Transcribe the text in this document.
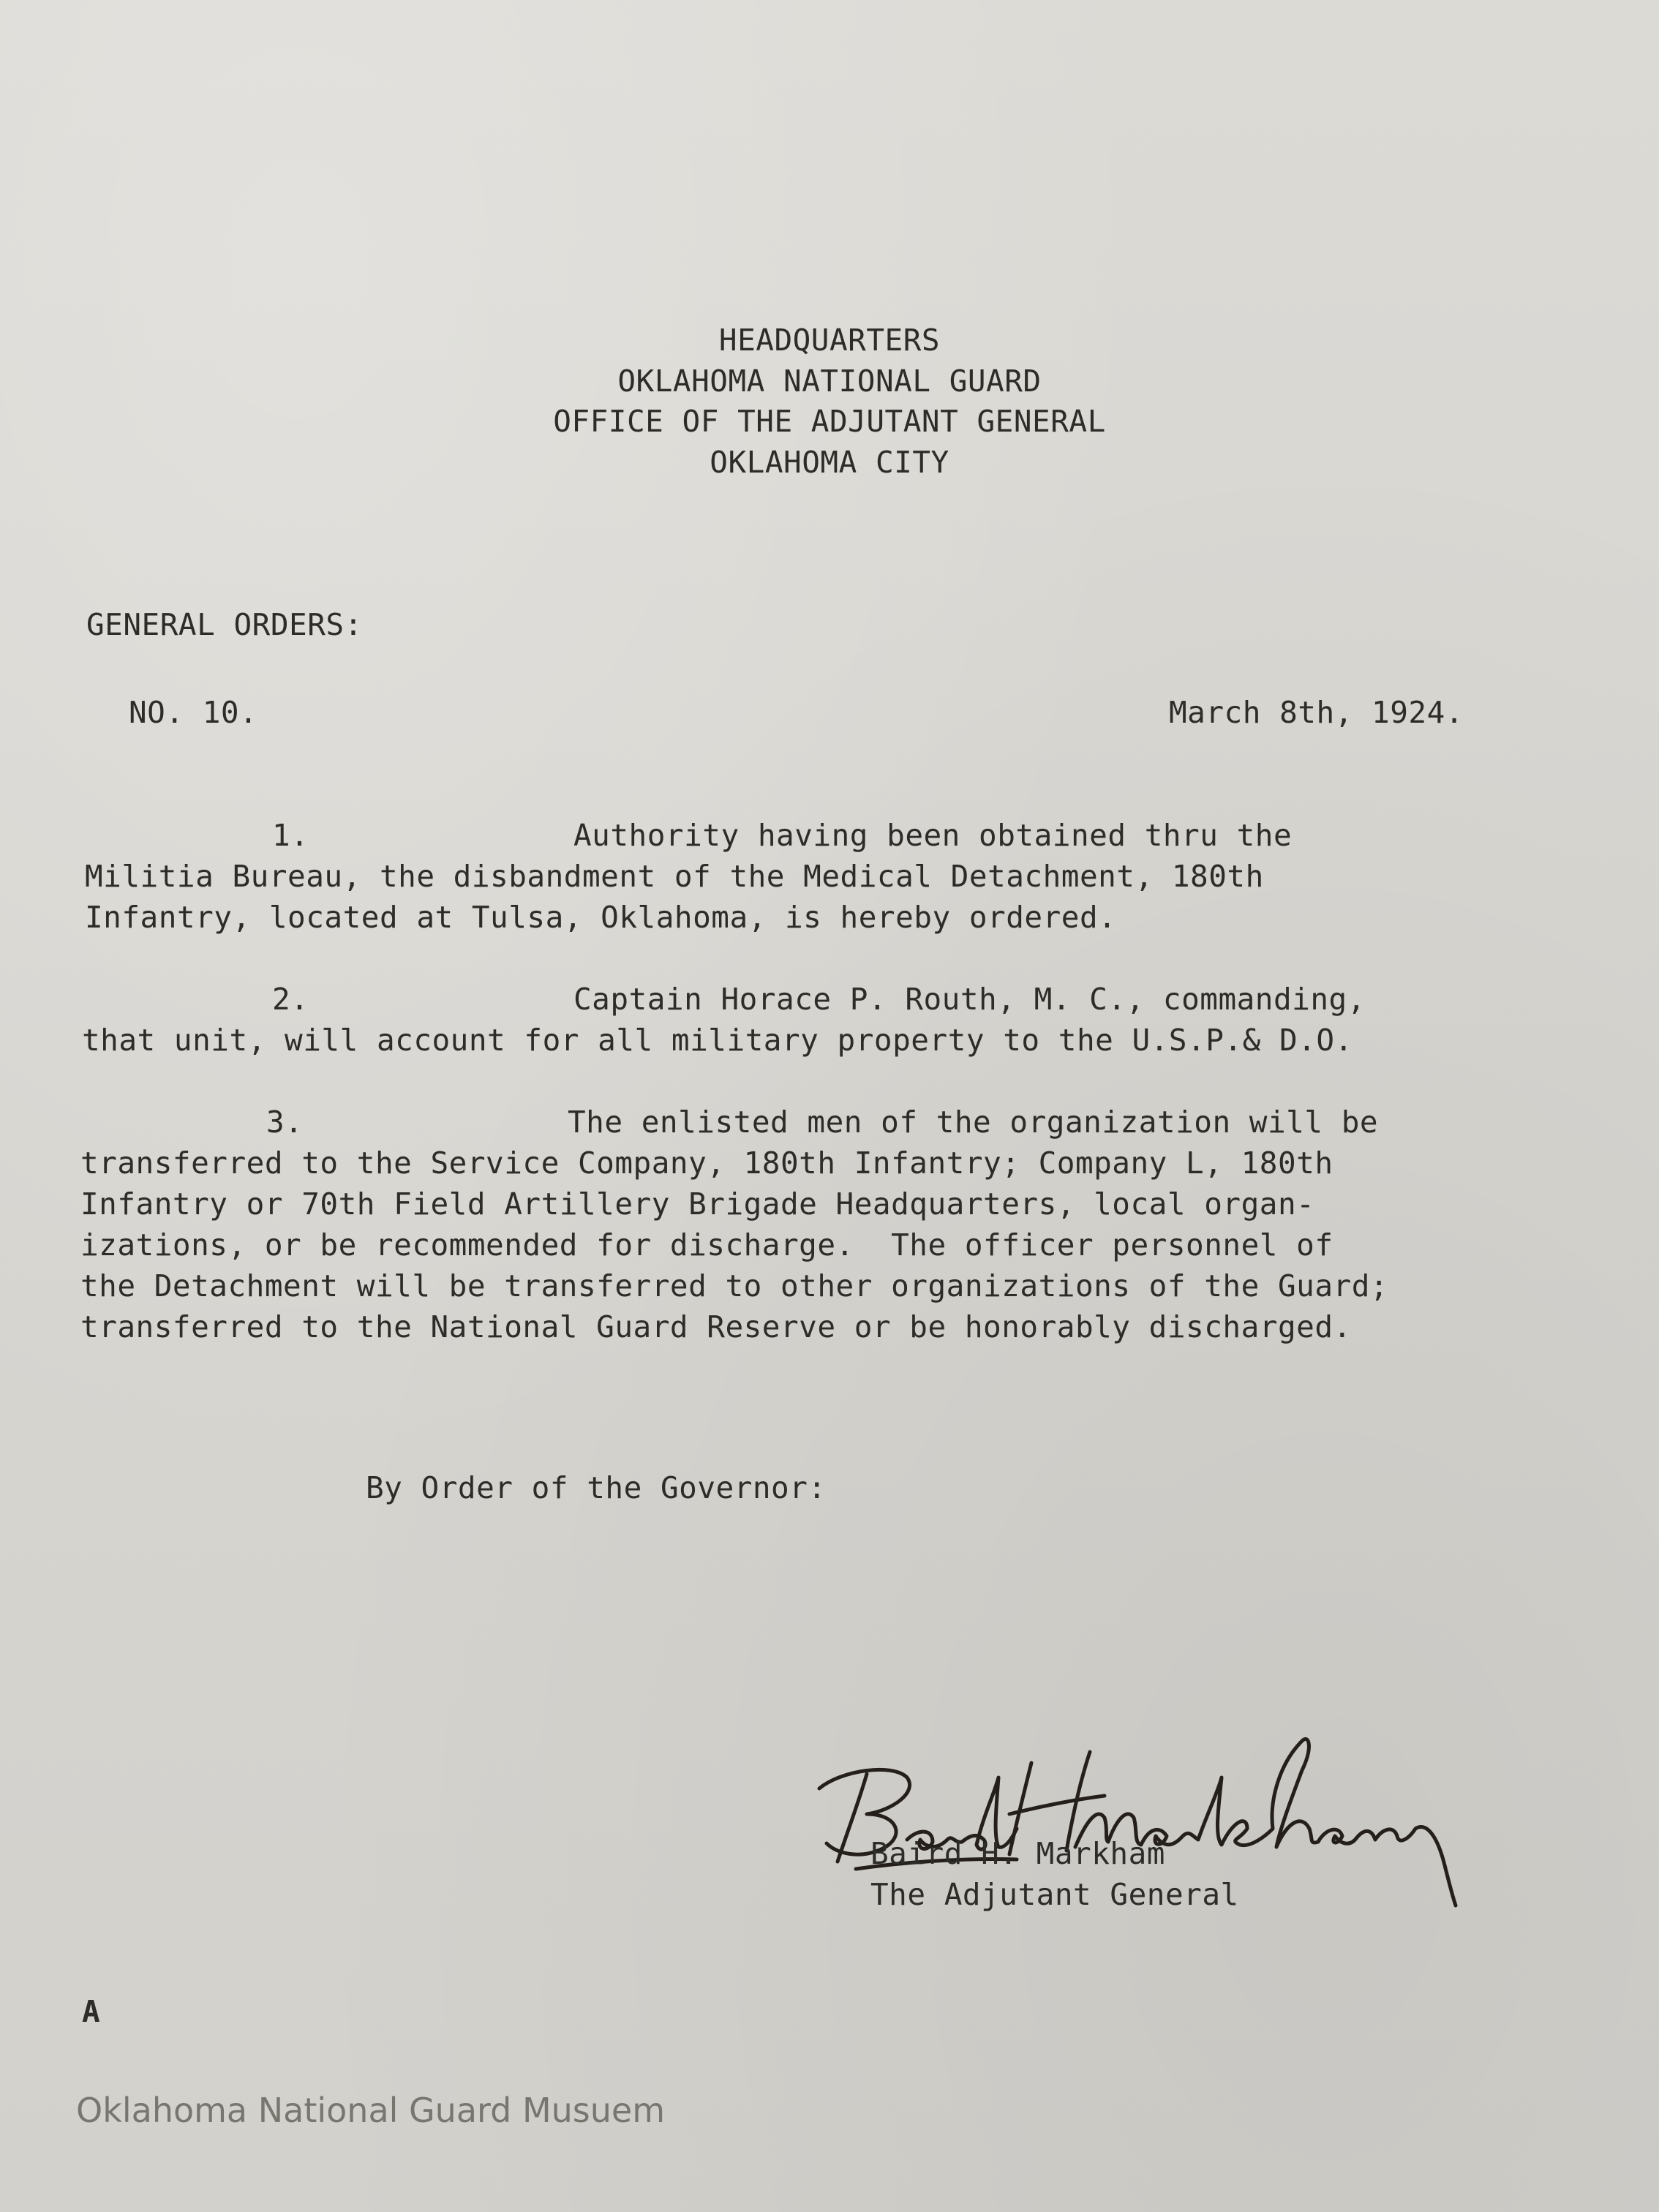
HEADQUARTERS
OKLAHOMA NATIONAL GUARD
OFFICE OF THE ADJUTANT GENERAL
OKLAHOMA CITY
GENERAL ORDERS:
NO. 10.	March 8th, 1924.
1.	Authority having been obtained thru the
Militia Bureau, the disbandment of the Medical Detachment, 180th
Infantry, located at Tulsa, Oklahoma, is hereby ordered.
2.	Captain Horace P. Routh, M. C., commanding,
that unit, will account for all military property to the U.S.P.& D.O.
3.	The enlisted men of the organization will be
transferred to the Service Company, 180th Infantry; Company L, 180th
Infantry or 70th Field Artillery Brigade Headquarters, local organ-
izations, or be recommended for discharge.  The officer personnel of
the Detachment will be transferred to other organizations of the Guard;
transferred to the National Guard Reserve or be honorably discharged.
By Order of the Governor:
Baird H. Markham
The Adjutant General
A
Oklahoma National Guard Musuem
